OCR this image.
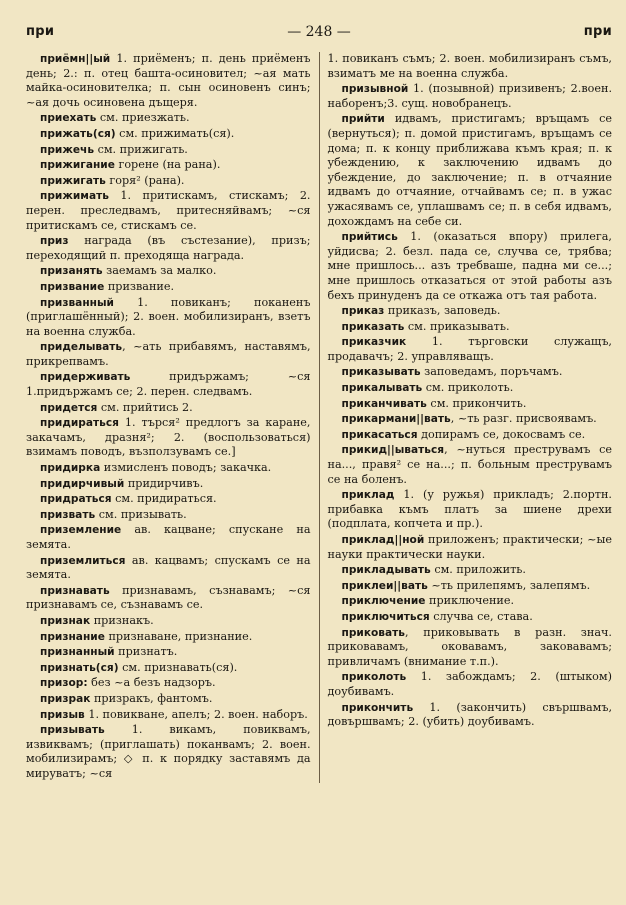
при	— 248 —	при

приёмн||ый 1. приёменъ; п. день приёменъ день; 2.: п. отец башта-осиновител; ~ая мать майка-осиновителка; п. сын осиновенъ синъ; ~ая дочь осиновена дъщеря.

приехать см. приезжать.

прижать(ся) см. прижимать(ся).

прижечь см. прижигать.

прижигание горене (на рана).

прижигать горя² (рана).

прижимать 1. притискамъ, стискамъ; 2. перен. преследвамъ, притесняйвамъ; ~ся притискамъ се, стискамъ се.

приз награда (въ състезание), призъ; переходящий п. преходяща награда.

призанять заемамъ за малко.

призвание призвание.

призванный 1. повиканъ; поканенъ (приглашённый); 2. воен. мобилизиранъ, взетъ на военна служба.

приделывать, ~ать прибавямъ, наставямъ, прикрепвамъ.

придерживать придържамъ; ~ся 1.придържамъ се; 2. перен. следвамъ.

придется см. прийтись 2.

придираться 1. търся² предлогъ за каране, закачамъ, дразня²; 2. (воспользоваться) взимамъ поводъ, възползувамъ се.]

придирка измисленъ поводъ; закачка.

придирчивый придирчивъ.

придраться см. придираться.

призвать см. призывать.

приземление ав. кацване; спускане на земята.

приземлиться ав. кацвамъ; спускамъ се на земята.

признавать признавамъ, съзнавамъ; ~ся признавамъ се, съзнавамъ се.

признак признакъ.

признание признаване, признание.

признанный признатъ.

признать(ся) см. признавать(ся).

призор: без ~а безъ надзоръ.

призрак призракъ, фантомъ.

призыв 1. повикване, апелъ; 2. воен. наборъ.

призывать 1. викамъ, повиквамъ, извиквамъ; (приглашать) поканвамъ; 2. воен. мобилизирамъ; ◇ п. к порядку заставямъ да мируватъ; ~ся

1. повиканъ съмъ; 2. воен. мобилизиранъ съмъ, взиматъ ме на военна служба.

призывной 1. (позывной) призивенъ; 2.воен. наборенъ;3. сущ. новобранецъ.

прийти идвамъ, пристигамъ; връщамъ се (вернуться); п. домой пристигамъ, връщамъ се дома; п. к концу приближава къмъ края; п. к убеждению, к заключению идвамъ до убеждение, до заключение; п. в отчаяние идвамъ до отчаяние, отчайвамъ се; п. в ужас ужасявамъ се, уплашвамъ се; п. в себя идвамъ, дохождамъ на себе си.

прийтись 1. (оказаться впору) прилега, уйдисва; 2. безл. пада се, случва се, трябва; мне пришлось... азъ требваше, падна ми се...; мне пришлось отказаться от этой работы азъ бехъ принуденъ да се откажа отъ тая работа.

приказ приказъ, заповедь.

приказать см. приказывать.

приказчик 1. търговски служащъ, продавачъ; 2. управляващъ.

приказывать заповедамъ, поръчамъ.

прикалывать см. приколоть.

приканчивать см. прикончить.

прикармани||вать, ~ть разг. присвоявамъ.

прикасаться допирамъ се, докосвамъ се.

прикид||ываться, ~нуться преструвамъ се на..., правя² се на...; п. больным преструвамъ се на боленъ.

приклад 1. (у ружья) прикладъ; 2.портн. прибавка къмъ платъ за шиене дрехи (подплата, копчета и пр.).

приклад||ной приложенъ; практически; ~ые науки практически науки.

прикладывать см. приложить.

приклеи||вать ~ть прилепямъ, залепямъ.

приключение приключение.

приключиться случва се, става.

приковать, приковывать в разн. знач. приковавамъ, оковавамъ, заковавамъ; привличамъ (внимание т.п.).

приколоть 1. забождамъ; 2. (штыком) доубивамъ.

прикончить 1. (закончить) свършвамъ, довършвамъ; 2. (убить) доубивамъ.
